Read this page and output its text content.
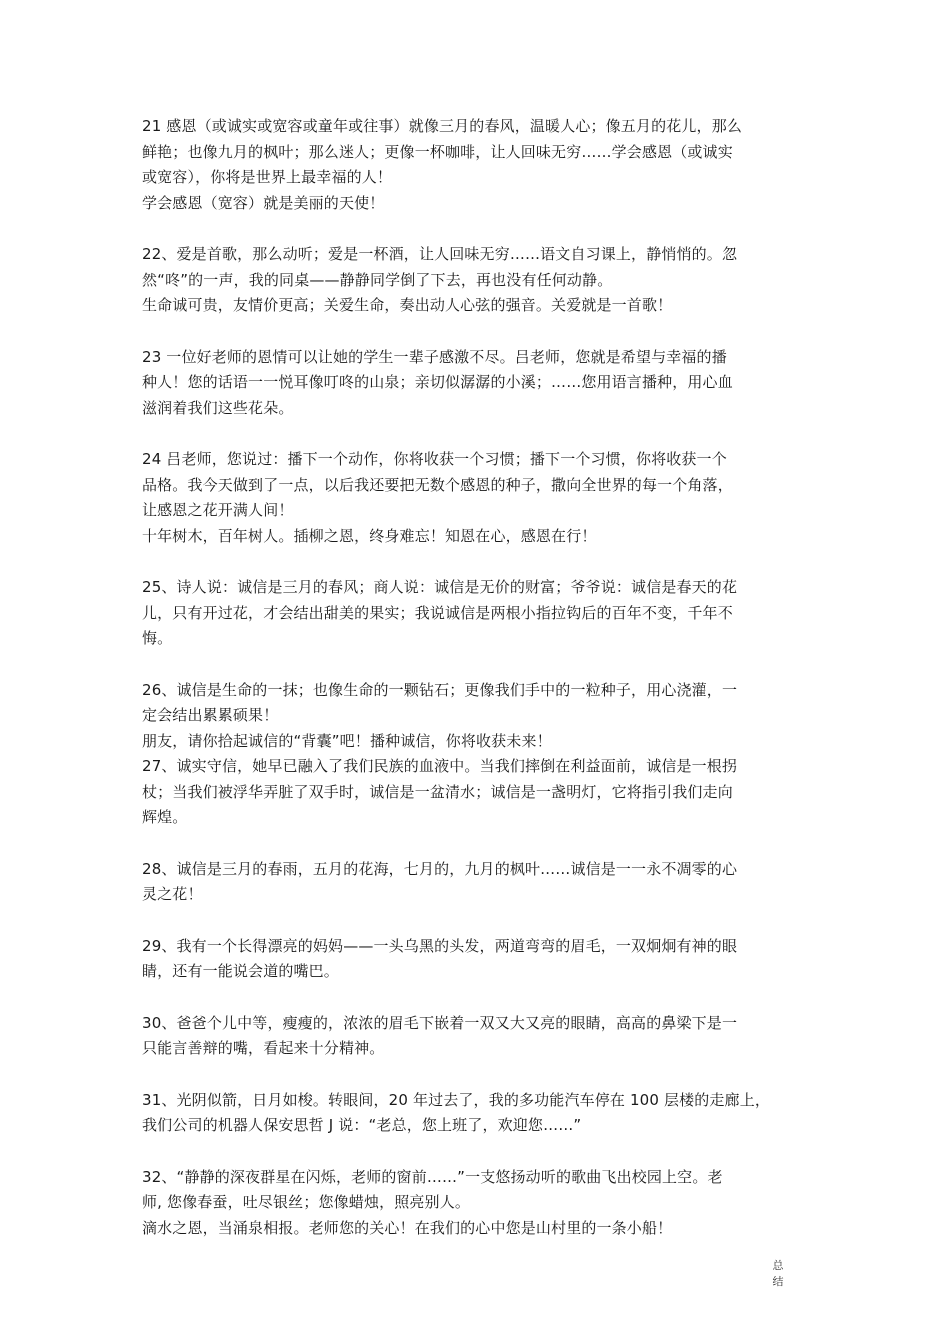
21 感恩（或诚实或宽容或童年或往事）就像三月的春风，温暖人心；像五月的花儿，那么
鲜艳；也像九月的枫叶；那么迷人；更像一杯咖啡，让人回味无穷……学会感恩（或诚实
或宽容），你将是世界上最幸福的人！
学会感恩（宽容）就是美丽的天使！
22、爱是首歌，那么动听；爱是一杯酒，让人回味无穷……语文自习课上，静悄悄的。忽
然“咚”的一声，我的同桌——静静同学倒了下去，再也没有任何动静。
生命诚可贵，友情价更高；关爱生命，奏出动人心弦的强音。关爱就是一首歌！
23 一位好老师的恩情可以让她的学生一辈子感激不尽。吕老师，您就是希望与幸福的播
种人！您的话语一一悦耳像叮咚的山泉；亲切似潺潺的小溪；……您用语言播种，用心血
滋润着我们这些花朵。
24 吕老师，您说过：播下一个动作，你将收获一个习惯；播下一个习惯，你将收获一个
品格。我今天做到了一点，以后我还要把无数个感恩的种子，撒向全世界的每一个角落，
让感恩之花开满人间！
十年树木，百年树人。插柳之恩，终身难忘！知恩在心，感恩在行！
25、诗人说：诚信是三月的春风；商人说：诚信是无价的财富；爷爷说：诚信是春天的花
儿，只有开过花，才会结出甜美的果实；我说诚信是两根小指拉钩后的百年不变，千年不
悔。
26、诚信是生命的一抹；也像生命的一颗钻石；更像我们手中的一粒种子，用心浇灌，一
定会结出累累硕果！
朋友，请你拾起诚信的“背囊”吧！播种诚信，你将收获未来！
27、诚实守信，她早已融入了我们民族的血液中。当我们摔倒在利益面前，诚信是一根拐
杖；当我们被浮华弄脏了双手时，诚信是一盆清水；诚信是一盏明灯，它将指引我们走向
辉煌。
28、诚信是三月的春雨，五月的花海，七月的，九月的枫叶……诚信是一一永不凋零的心
灵之花！
29、我有一个长得漂亮的妈妈——一头乌黑的头发，两道弯弯的眉毛，一双炯炯有神的眼
睛，还有一能说会道的嘴巴。
30、爸爸个儿中等，瘦瘦的，浓浓的眉毛下嵌着一双又大又亮的眼睛，高高的鼻梁下是一
只能言善辩的嘴，看起来十分精神。
31、光阴似箭，日月如梭。转眼间，20 年过去了，我的多功能汽车停在 100 层楼的走廊上，
我们公司的机器人保安思哲 J 说：“老总，您上班了，欢迎您……”
32、“静静的深夜群星在闪烁，老师的窗前……”一支悠扬动听的歌曲飞出校园上空。老
师, 您像春蚕，吐尽银丝；您像蜡烛，照亮别人。
滴水之恩，当涌泉相报。老师您的关心！在我们的心中您是山村里的一条小船！
总
结
